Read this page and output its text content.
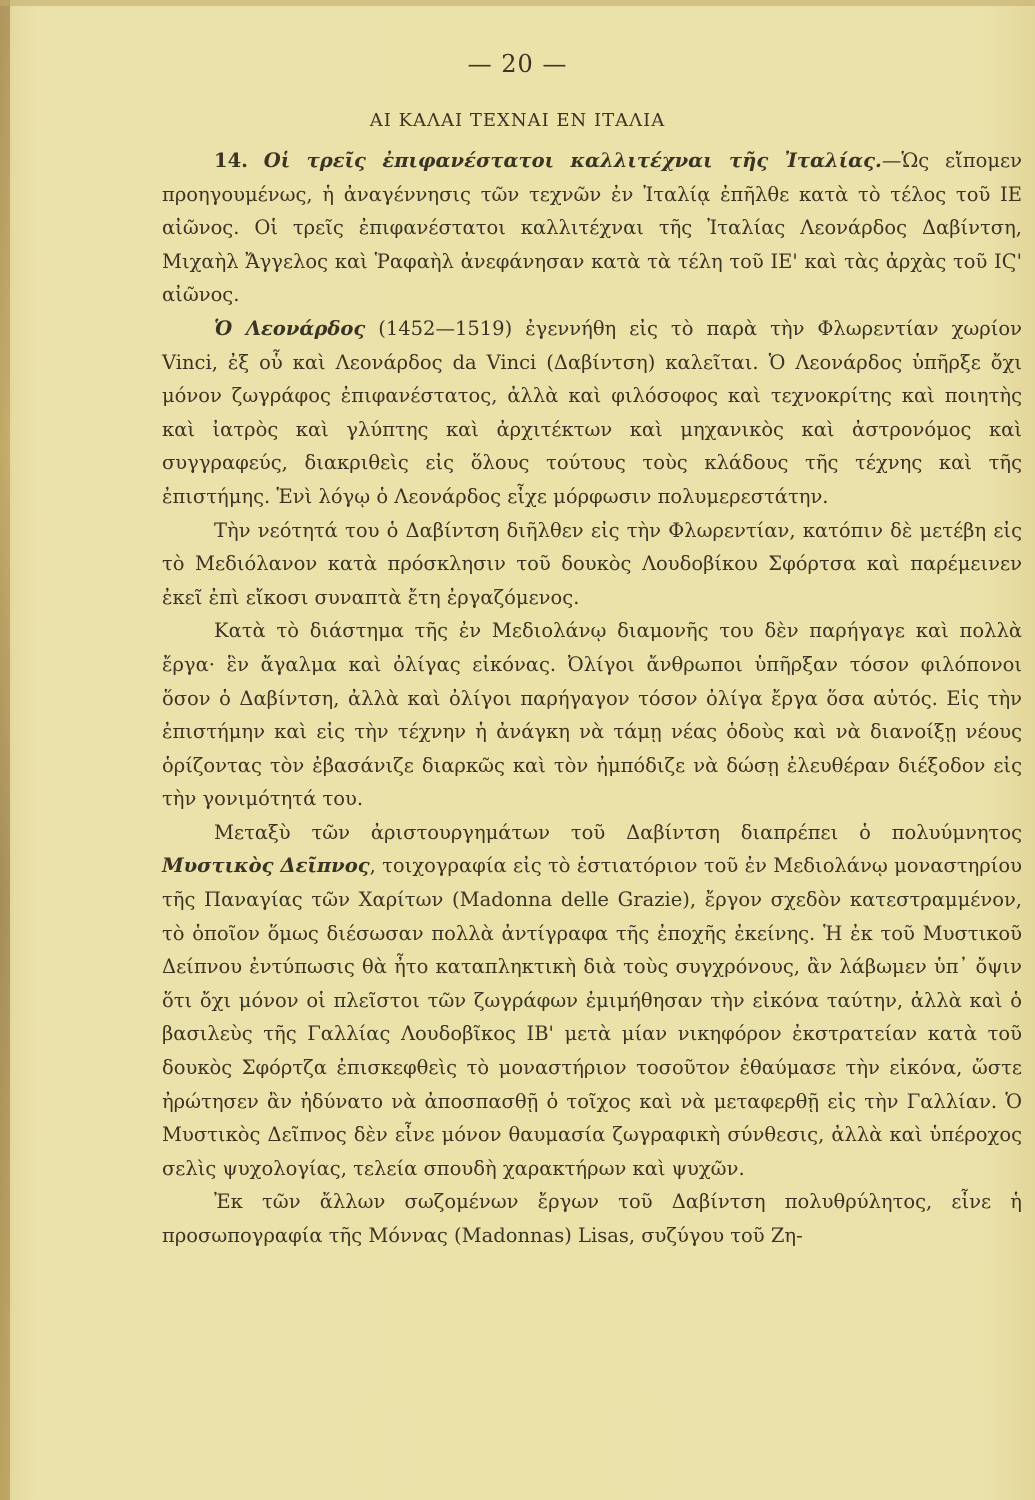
— 20 —
ΑΙ ΚΑΛΑΙ ΤΕΧΝΑΙ ΕΝ ΙΤΑΛΙΑ

14. Οἱ τρεῖς ἐπιφανέστατοι καλλιτέχναι τῆς Ἰταλίας.—Ὡς εἴπομεν προηγουμένως, ἡ ἀναγέννησις τῶν τεχνῶν ἐν Ἰταλίᾳ ἐπῆλθε κατὰ τὸ τέλος τοῦ ΙΕ αἰῶνος. Οἱ τρεῖς ἐπιφανέστατοι καλλιτέχναι τῆς Ἰταλίας Λεονάρδος Δαβίντση, Μιχαὴλ Ἄγγελος καὶ Ῥαφαὴλ ἀνεφάνησαν κατὰ τὰ τέλη τοῦ ΙΕ' καὶ τὰς ἀρχὰς τοῦ ΙϚ' αἰῶνος.

Ὁ Λεονάρδος (1452—1519) ἐγεννήθη εἰς τὸ παρὰ τὴν Φλωρεντίαν χωρίον Vinci, ἐξ οὗ καὶ Λεονάρδος da Vinci (Δαβίντση) καλεῖται. Ὁ Λεονάρδος ὑπῆρξε ὄχι μόνον ζωγράφος ἐπιφανέστατος, ἀλλὰ καὶ φιλόσοφος καὶ τεχνοκρίτης καὶ ποιητὴς καὶ ἰατρὸς καὶ γλύπτης καὶ ἀρχιτέκτων καὶ μηχανικὸς καὶ ἀστρονόμος καὶ συγγραφεύς, διακριθεὶς εἰς ὅλους τούτους τοὺς κλάδους τῆς τέχνης καὶ τῆς ἐπιστήμης. Ἑνὶ λόγῳ ὁ Λεονάρδος εἶχε μόρφωσιν πολυμερεστάτην.

Τὴν νεότητά του ὁ Δαβίντση διῆλθεν εἰς τὴν Φλωρεντίαν, κατόπιν δὲ μετέβη εἰς τὸ Μεδιόλανον κατὰ πρόσκλησιν τοῦ δουκὸς Λουδοβίκου Σφόρτσα καὶ παρέμεινεν ἐκεῖ ἐπὶ εἴκοσι συναπτὰ ἔτη ἐργαζόμενος.

Κατὰ τὸ διάστημα τῆς ἐν Μεδιολάνῳ διαμονῆς του δὲν παρήγαγε καὶ πολλὰ ἔργα· ἓν ἄγαλμα καὶ ὀλίγας εἰκόνας. Ὀλίγοι ἄνθρωποι ὑπῆρξαν τόσον φιλόπονοι ὅσον ὁ Δαβίντση, ἀλλὰ καὶ ὀλίγοι παρήγαγον τόσον ὀλίγα ἔργα ὅσα αὐτός. Εἰς τὴν ἐπιστήμην καὶ εἰς τὴν τέχνην ἡ ἀνάγκη νὰ τάμῃ νέας ὁδοὺς καὶ νὰ διανοίξῃ νέους ὁρίζοντας τὸν ἐβασάνιζε διαρκῶς καὶ τὸν ἠμπόδιζε νὰ δώσῃ ἐλευθέραν διέξοδον εἰς τὴν γονιμότητά του.

Μεταξὺ τῶν ἀριστουργημάτων τοῦ Δαβίντση διαπρέπει ὁ πολυύμνητος Μυστικὸς Δεῖπνος, τοιχογραφία εἰς τὸ ἑστιατόριον τοῦ ἐν Μεδιολάνῳ μοναστηρίου τῆς Παναγίας τῶν Χαρίτων (Madonna delle Grazie), ἔργον σχεδὸν κατεστραμμένον, τὸ ὁποῖον ὅμως διέσωσαν πολλὰ ἀντίγραφα τῆς ἐποχῆς ἐκείνης. Ἡ ἐκ τοῦ Μυστικοῦ Δείπνου ἐντύπωσις θὰ ἦτο καταπληκτικὴ διὰ τοὺς συγχρόνους, ἂν λάβωμεν ὑπ᾿ ὄψιν ὅτι ὄχι μόνον οἱ πλεῖστοι τῶν ζωγράφων ἐμιμήθησαν τὴν εἰκόνα ταύτην, ἀλλὰ καὶ ὁ βασιλεὺς τῆς Γαλλίας Λουδοβῖκος ΙΒ' μετὰ μίαν νικηφόρον ἐκστρατείαν κατὰ τοῦ δουκὸς Σφόρτζα ἐπισκεφθεὶς τὸ μοναστήριον τοσοῦτον ἐθαύμασε τὴν εἰκόνα, ὥστε ἠρώτησεν ἂν ἠδύνατο νὰ ἀποσπασθῇ ὁ τοῖχος καὶ νὰ μεταφερθῇ εἰς τὴν Γαλλίαν. Ὁ Μυστικὸς Δεῖπνος δὲν εἶνε μόνον θαυμασία ζωγραφικὴ σύνθεσις, ἀλλὰ καὶ ὑπέροχος σελὶς ψυχολογίας, τελεία σπουδὴ χαρακτήρων καὶ ψυχῶν.

Ἐκ τῶν ἄλλων σωζομένων ἔργων τοῦ Δαβίντση πολυθρύλητος, εἶνε ἡ προσωπογραφία τῆς Μόννας (Madonnas) Lisas, συζύγου τοῦ Ζη-
